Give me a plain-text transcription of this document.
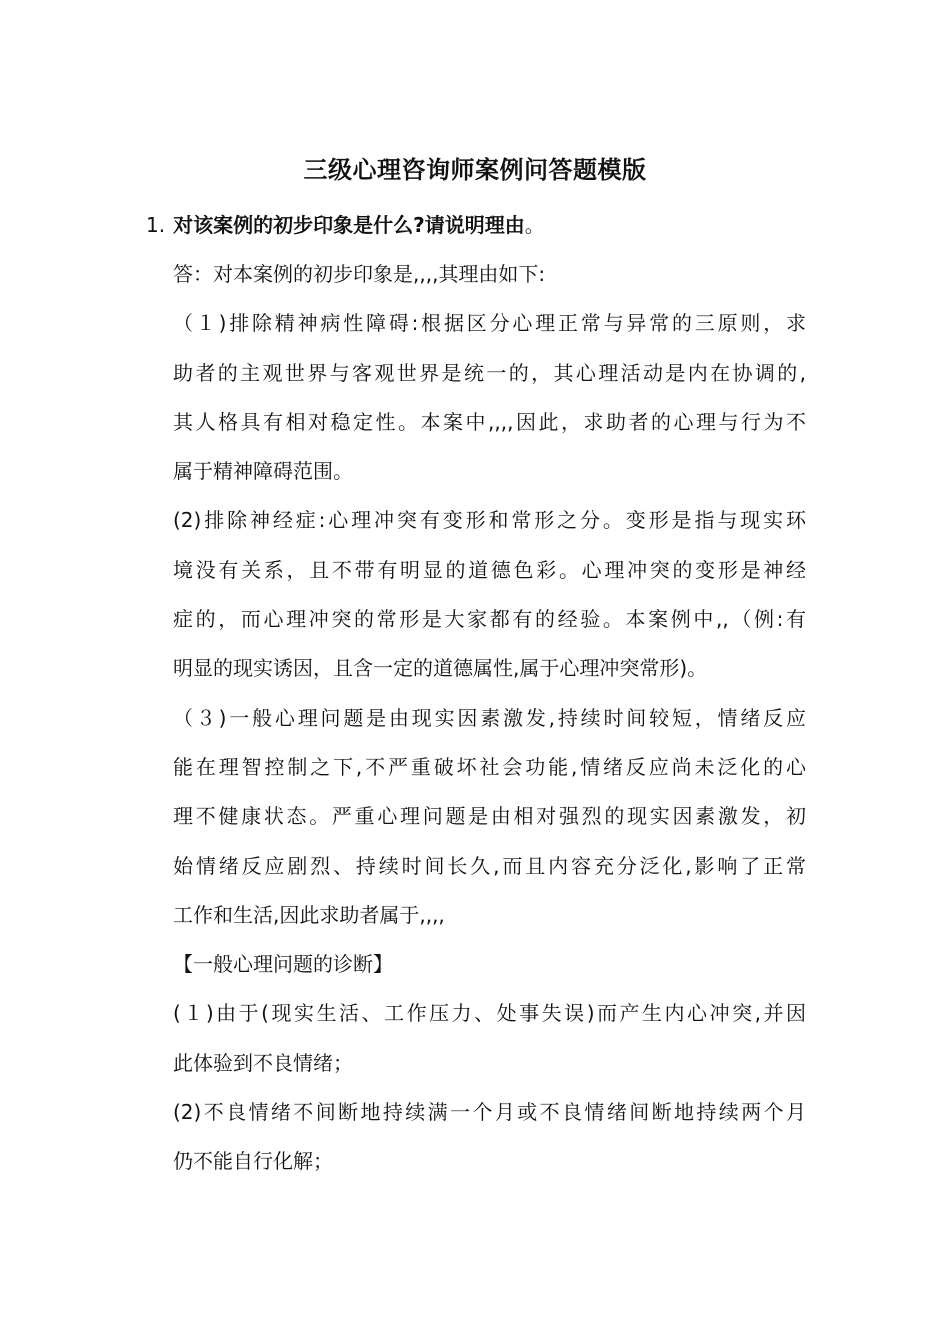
三级心理咨询师案例问答题模版
1. 对该案例的初步印象是什么?请说明理由。
答：对本案例的初步印象是,,,,其理由如下:
（１)排除精神病性障碍:根据区分心理正常与异常的三原则，求
助者的主观世界与客观世界是统一的，其心理活动是内在协调的,
其人格具有相对稳定性。本案中,,,,因此，求助者的心理与行为不
属于精神障碍范围。
(2)排除神经症:心理冲突有变形和常形之分。变形是指与现实环
境没有关系，且不带有明显的道德色彩。心理冲突的变形是神经
症的，而心理冲突的常形是大家都有的经验。本案例中,,（例:有
明显的现实诱因，且含一定的道德属性,属于心理冲突常形)。
（３)一般心理问题是由现实因素激发,持续时间较短，情绪反应
能在理智控制之下,不严重破坏社会功能,情绪反应尚未泛化的心
理不健康状态。严重心理问题是由相对强烈的现实因素激发，初
始情绪反应剧烈、持续时间长久,而且内容充分泛化,影响了正常
工作和生活,因此求助者属于,,,,
【一般心理问题的诊断】
(１)由于(现实生活、工作压力、处事失误)而产生内心冲突,并因
此体验到不良情绪；
(2)不良情绪不间断地持续满一个月或不良情绪间断地持续两个月
仍不能自行化解；
